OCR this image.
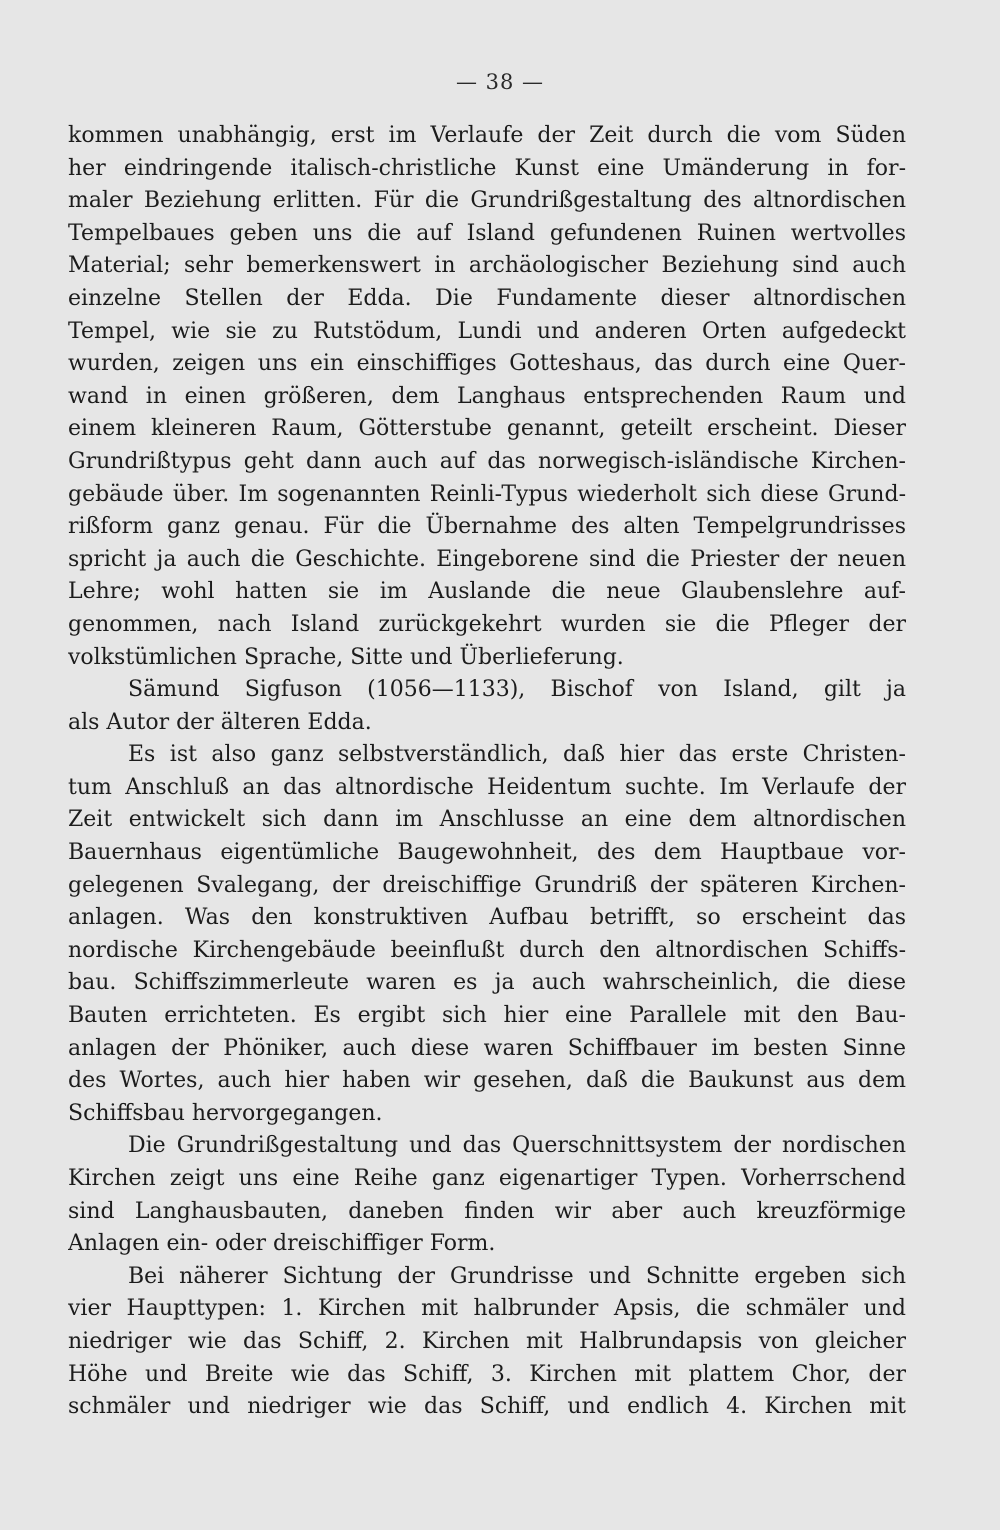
— 38 —
kommen unabhängig, erst im Verlaufe der Zeit durch die vom Süden
her eindringende italisch-christliche Kunst eine Umänderung in for-
maler Beziehung erlitten. Für die Grundrißgestaltung des altnordischen
Tempelbaues geben uns die auf Island gefundenen Ruinen wertvolles
Material; sehr bemerkenswert in archäologischer Beziehung sind auch
einzelne Stellen der Edda. Die Fundamente dieser altnordischen
Tempel, wie sie zu Rutstödum, Lundi und anderen Orten aufgedeckt
wurden, zeigen uns ein einschiffiges Gotteshaus, das durch eine Quer-
wand in einen größeren, dem Langhaus entsprechenden Raum und
einem kleineren Raum, Götterstube genannt, geteilt erscheint. Dieser
Grundrißtypus geht dann auch auf das norwegisch-isländische Kirchen-
gebäude über. Im sogenannten Reinli-Typus wiederholt sich diese Grund-
rißform ganz genau. Für die Übernahme des alten Tempelgrundrisses
spricht ja auch die Geschichte. Eingeborene sind die Priester der neuen
Lehre; wohl hatten sie im Auslande die neue Glaubenslehre auf-
genommen, nach Island zurückgekehrt wurden sie die Pfleger der
volkstümlichen Sprache, Sitte und Überlieferung.
Sämund Sigfuson (1056—1133), Bischof von Island, gilt ja
als Autor der älteren Edda.
Es ist also ganz selbstverständlich, daß hier das erste Christen-
tum Anschluß an das altnordische Heidentum suchte. Im Verlaufe der
Zeit entwickelt sich dann im Anschlusse an eine dem altnordischen
Bauernhaus eigentümliche Baugewohnheit, des dem Hauptbaue vor-
gelegenen Svalegang, der dreischiffige Grundriß der späteren Kirchen-
anlagen. Was den konstruktiven Aufbau betrifft, so erscheint das
nordische Kirchengebäude beeinflußt durch den altnordischen Schiffs-
bau. Schiffszimmerleute waren es ja auch wahrscheinlich, die diese
Bauten errichteten. Es ergibt sich hier eine Parallele mit den Bau-
anlagen der Phöniker, auch diese waren Schiffbauer im besten Sinne
des Wortes, auch hier haben wir gesehen, daß die Baukunst aus dem
Schiffsbau hervorgegangen.
Die Grundrißgestaltung und das Querschnittsystem der nordischen
Kirchen zeigt uns eine Reihe ganz eigenartiger Typen. Vorherrschend
sind Langhausbauten, daneben finden wir aber auch kreuzförmige
Anlagen ein- oder dreischiffiger Form.
Bei näherer Sichtung der Grundrisse und Schnitte ergeben sich
vier Haupttypen: 1. Kirchen mit halbrunder Apsis, die schmäler und
niedriger wie das Schiff, 2. Kirchen mit Halbrundapsis von gleicher
Höhe und Breite wie das Schiff, 3. Kirchen mit plattem Chor, der
schmäler und niedriger wie das Schiff, und endlich 4. Kirchen mit
